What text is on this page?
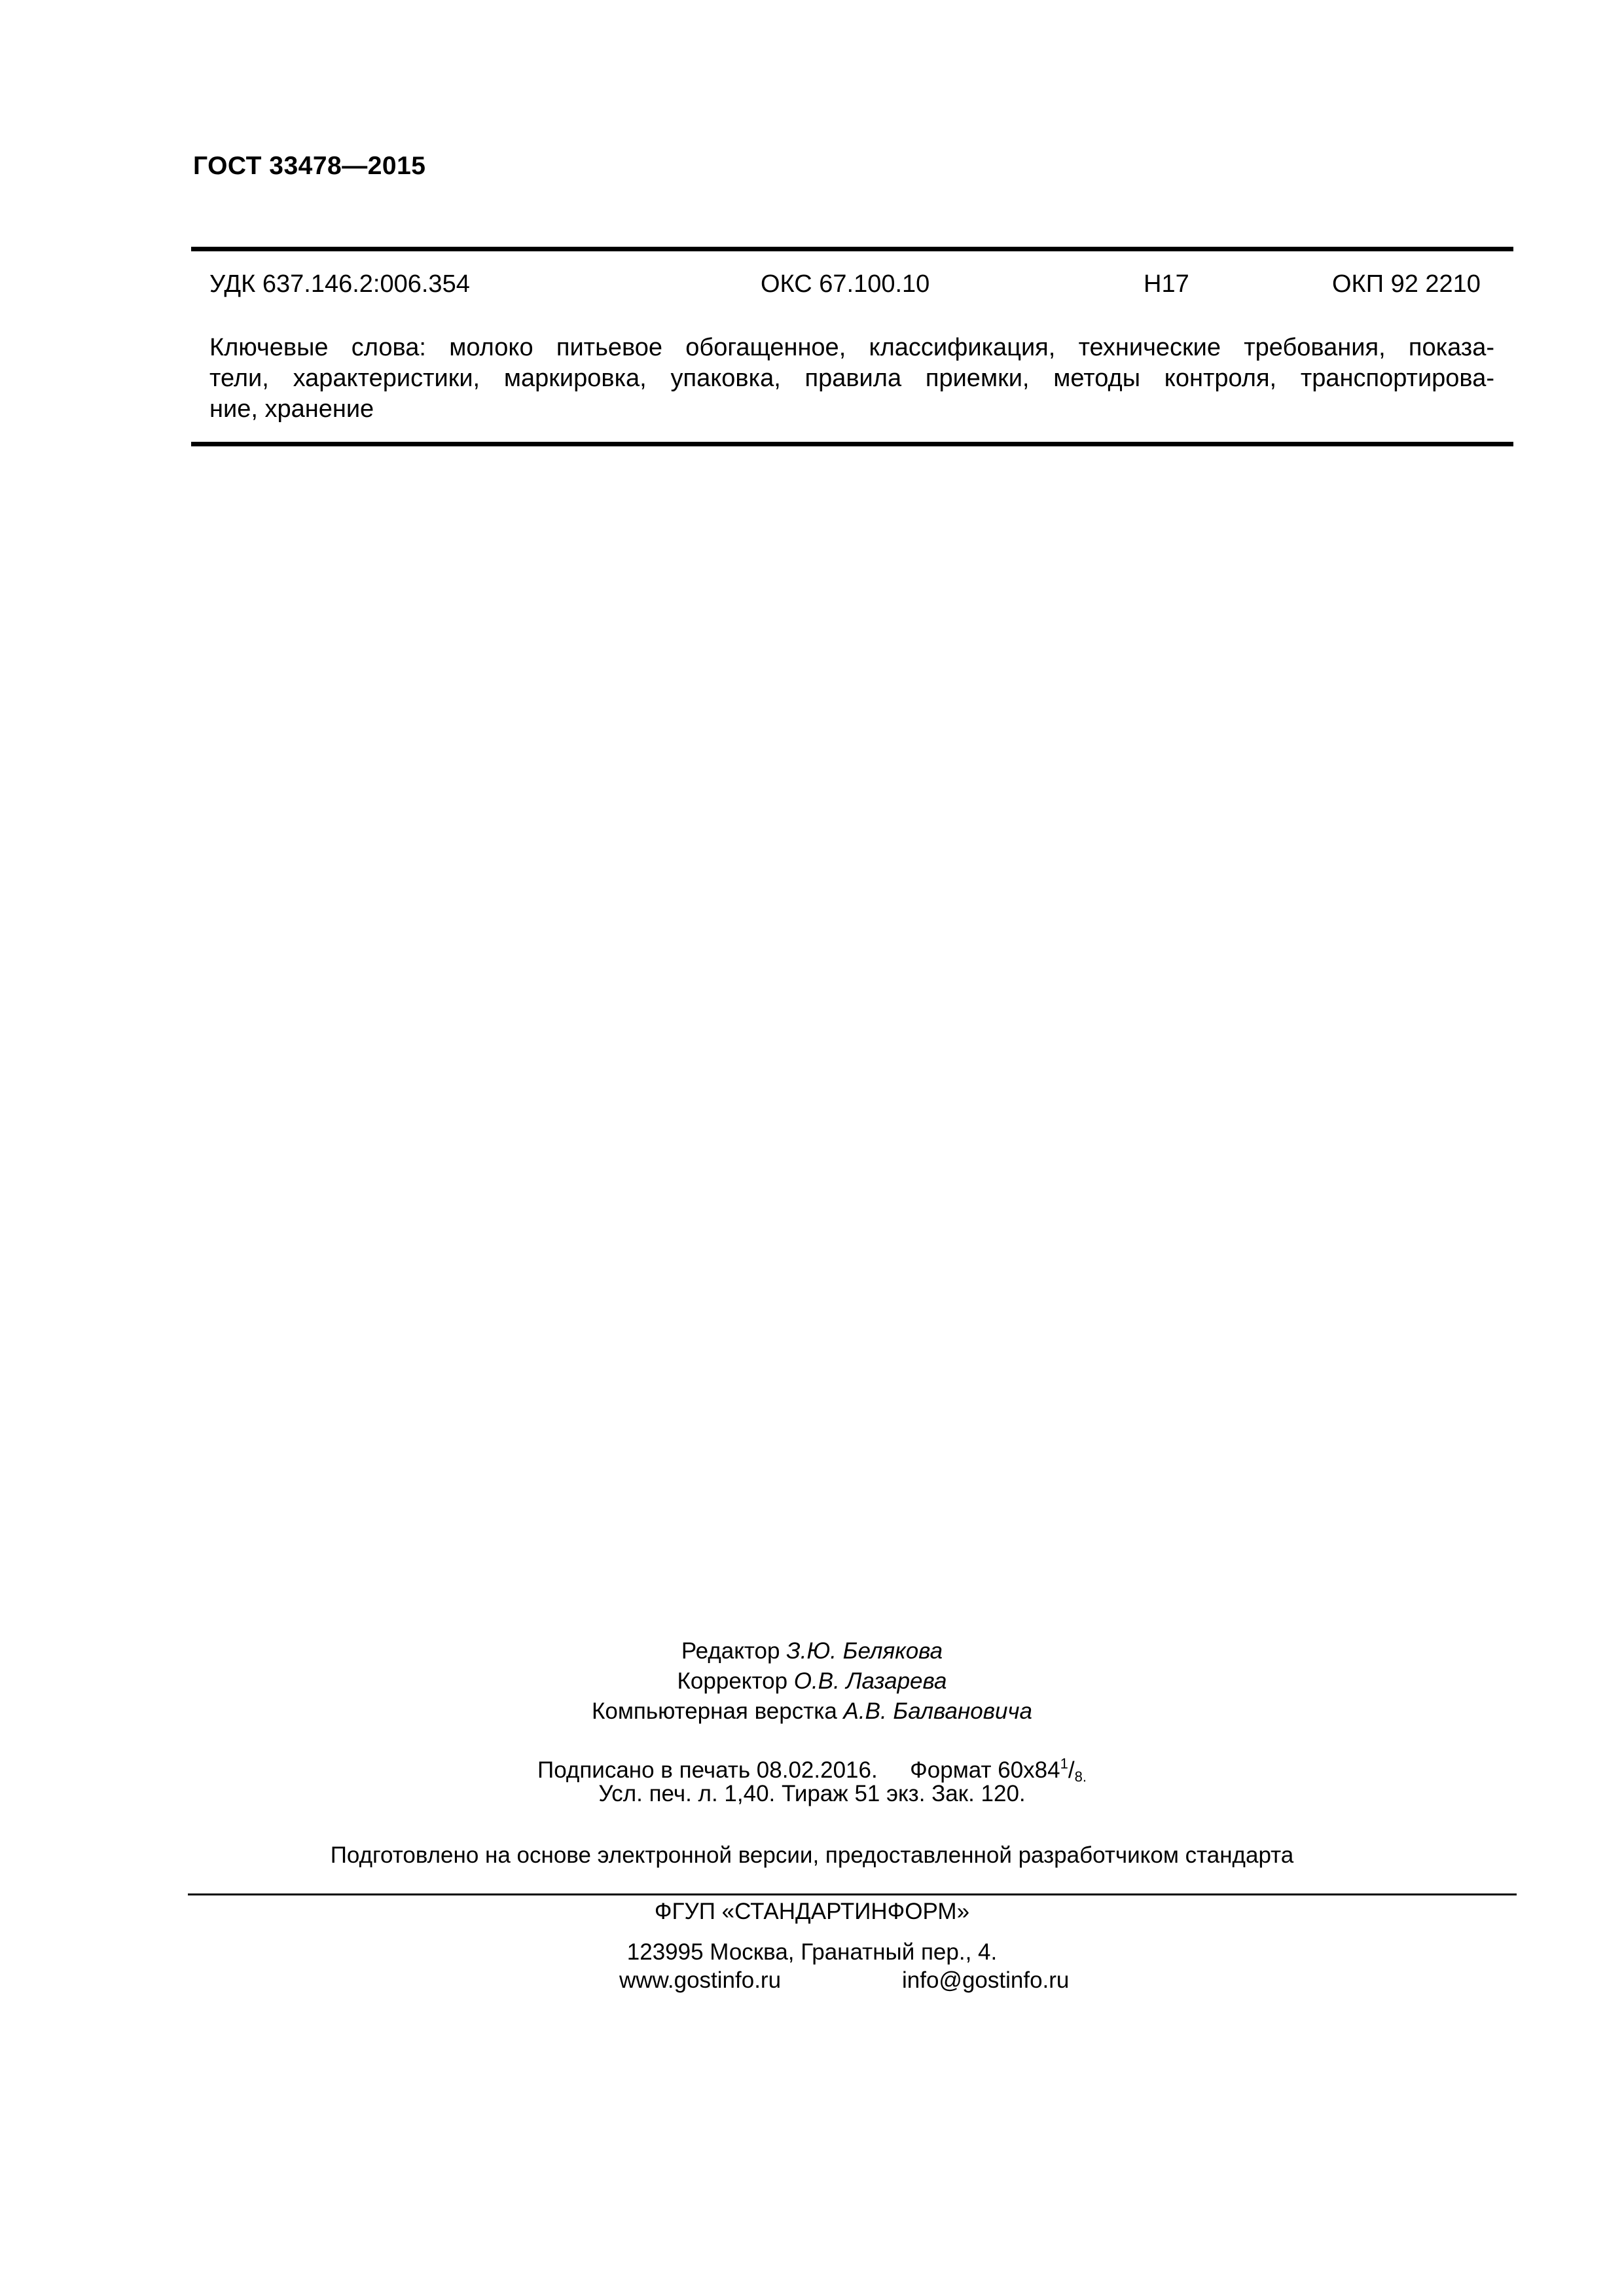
ГОСТ 33478—2015
УДК 637.146.2:006.354	ОКС 67.100.10	Н17	ОКП 92 2210
Ключевые слова: молоко питьевое обогащенное, классификация, технические требования, показа-
тели, характеристики, маркировка, упаковка, правила приемки, методы контроля, транспортирова-
ние, хранение
Редактор З.Ю. Белякова
Корректор О.В. Лазарева
Компьютерная верстка А.В. Балвановича
Подписано в печать 08.02.2016. Формат $60х84^1/_{8.}$
Усл. печ. л. 1,40. Тираж 51 экз. Зак. 120.
Подготовлено на основе электронной версии, предоставленной разработчиком стандарта
ФГУП «СТАНДАРТИНФОРМ»
123995 Москва, Гранатный пер., 4.
www.gostinfo.ru	info@gostinfo.ru
